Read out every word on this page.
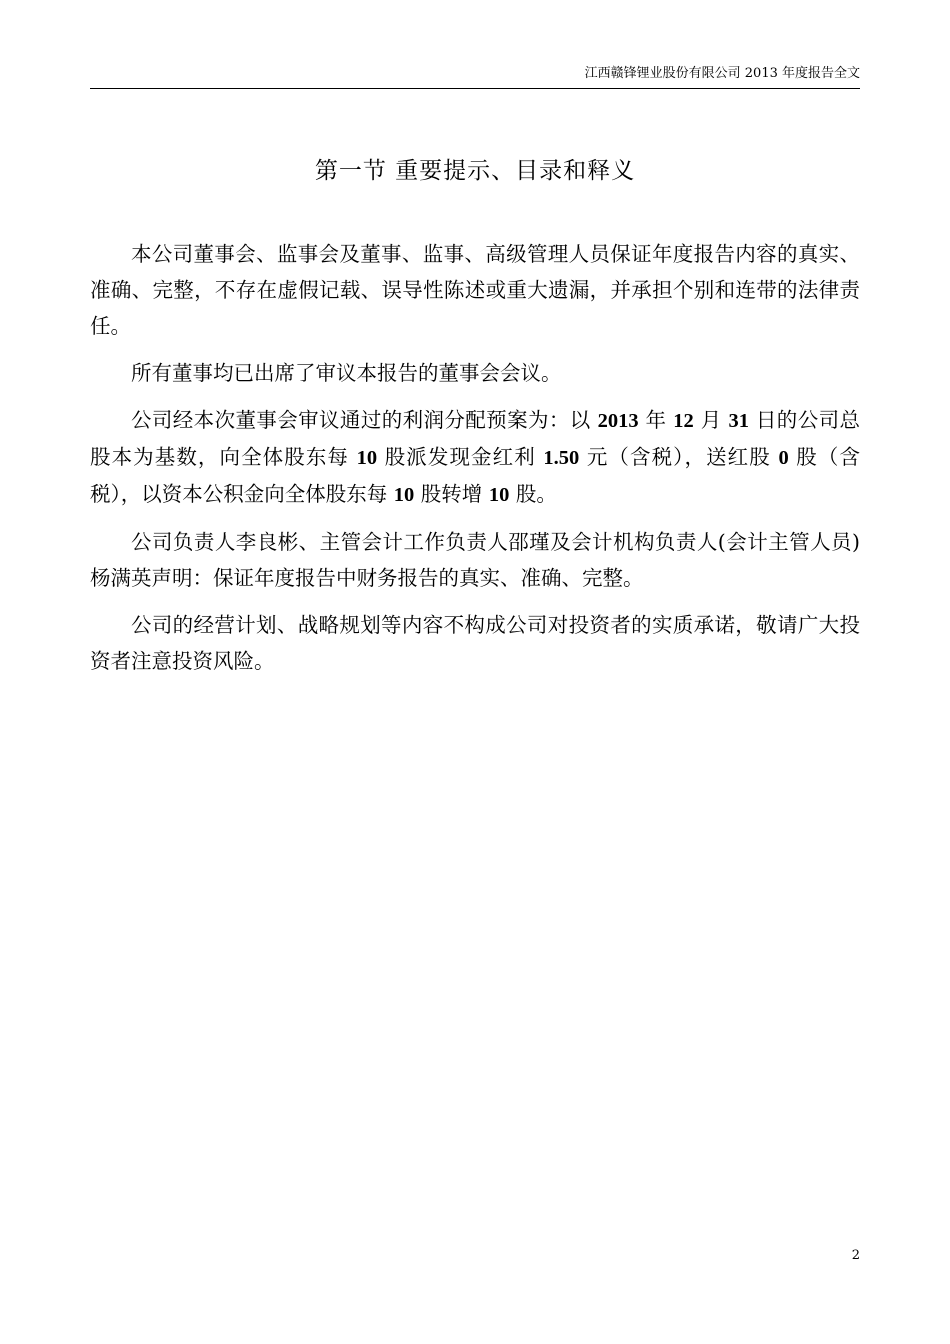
江西赣锋锂业股份有限公司 2013 年度报告全文
第一节 重要提示、目录和释义

本公司董事会、监事会及董事、监事、高级管理人员保证年度报告内容的真实、准确、完整，不存在虚假记载、误导性陈述或重大遗漏，并承担个别和连带的法律责任。

所有董事均已出席了审议本报告的董事会会议。

公司经本次董事会审议通过的利润分配预案为：以 2013 年 12 月 31 日的公司总股本为基数，向全体股东每 10 股派发现金红利 1.50 元（含税），送红股 0 股（含税），以资本公积金向全体股东每 10 股转增 10 股。

公司负责人李良彬、主管会计工作负责人邵瑾及会计机构负责人(会计主管人员)杨满英声明：保证年度报告中财务报告的真实、准确、完整。

公司的经营计划、战略规划等内容不构成公司对投资者的实质承诺，敬请广大投资者注意投资风险。

2
